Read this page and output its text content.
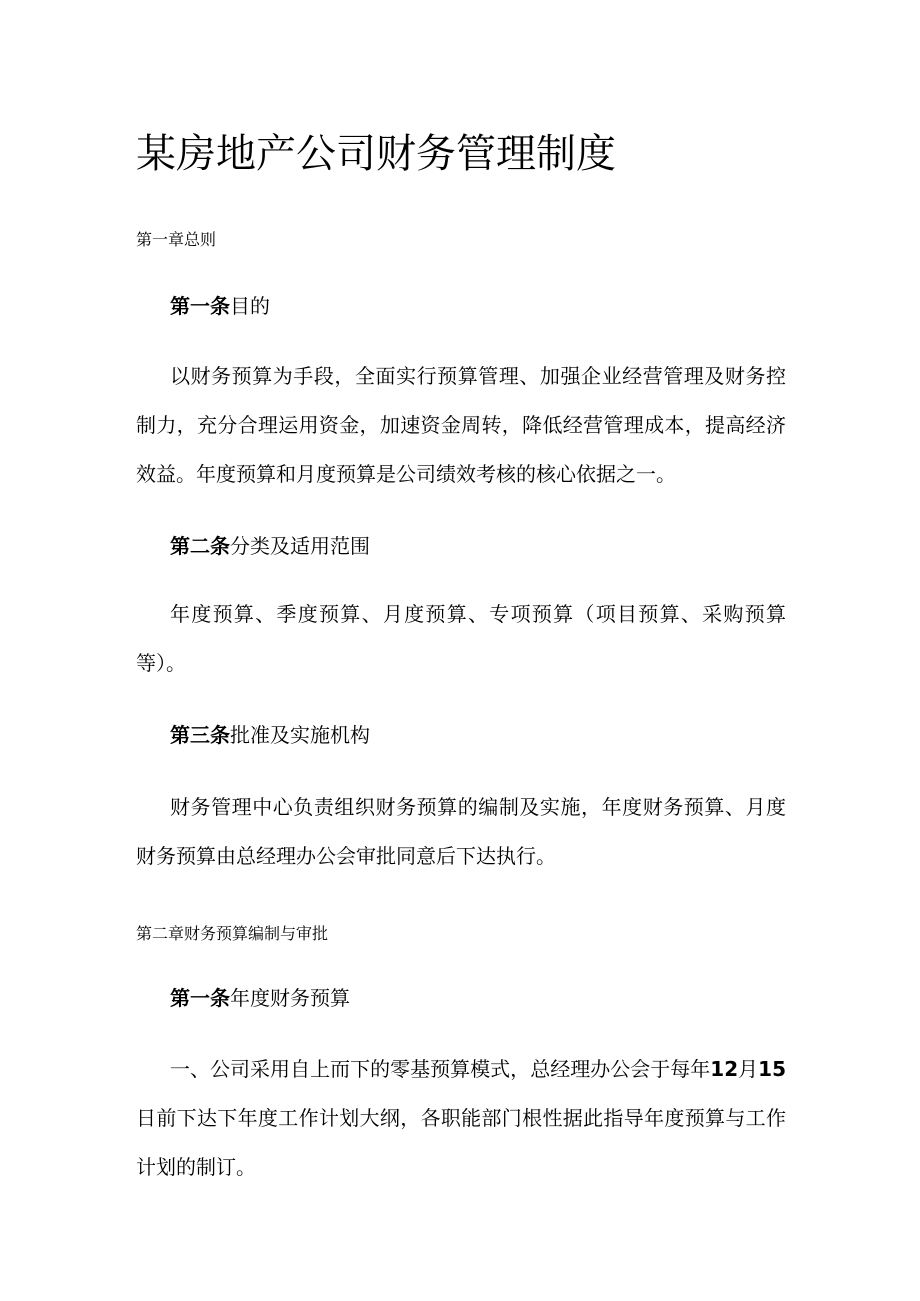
某房地产公司财务管理制度

第一章总则

第一条目的

以财务预算为手段，全面实行预算管理、加强企业经营管理及财务控制力，充分合理运用资金，加速资金周转，降低经营管理成本，提高经济效益。年度预算和月度预算是公司绩效考核的核心依据之一。

第二条分类及适用范围

年度预算、季度预算、月度预算、专项预算（项目预算、采购预算等）。

第三条批准及实施机构

财务管理中心负责组织财务预算的编制及实施，年度财务预算、月度财务预算由总经理办公会审批同意后下达执行。

第二章财务预算编制与审批

第一条年度财务预算

一、公司采用自上而下的零基预算模式，总经理办公会于每年12月15日前下达下年度工作计划大纲，各职能部门根性据此指导年度预算与工作计划的制订。
